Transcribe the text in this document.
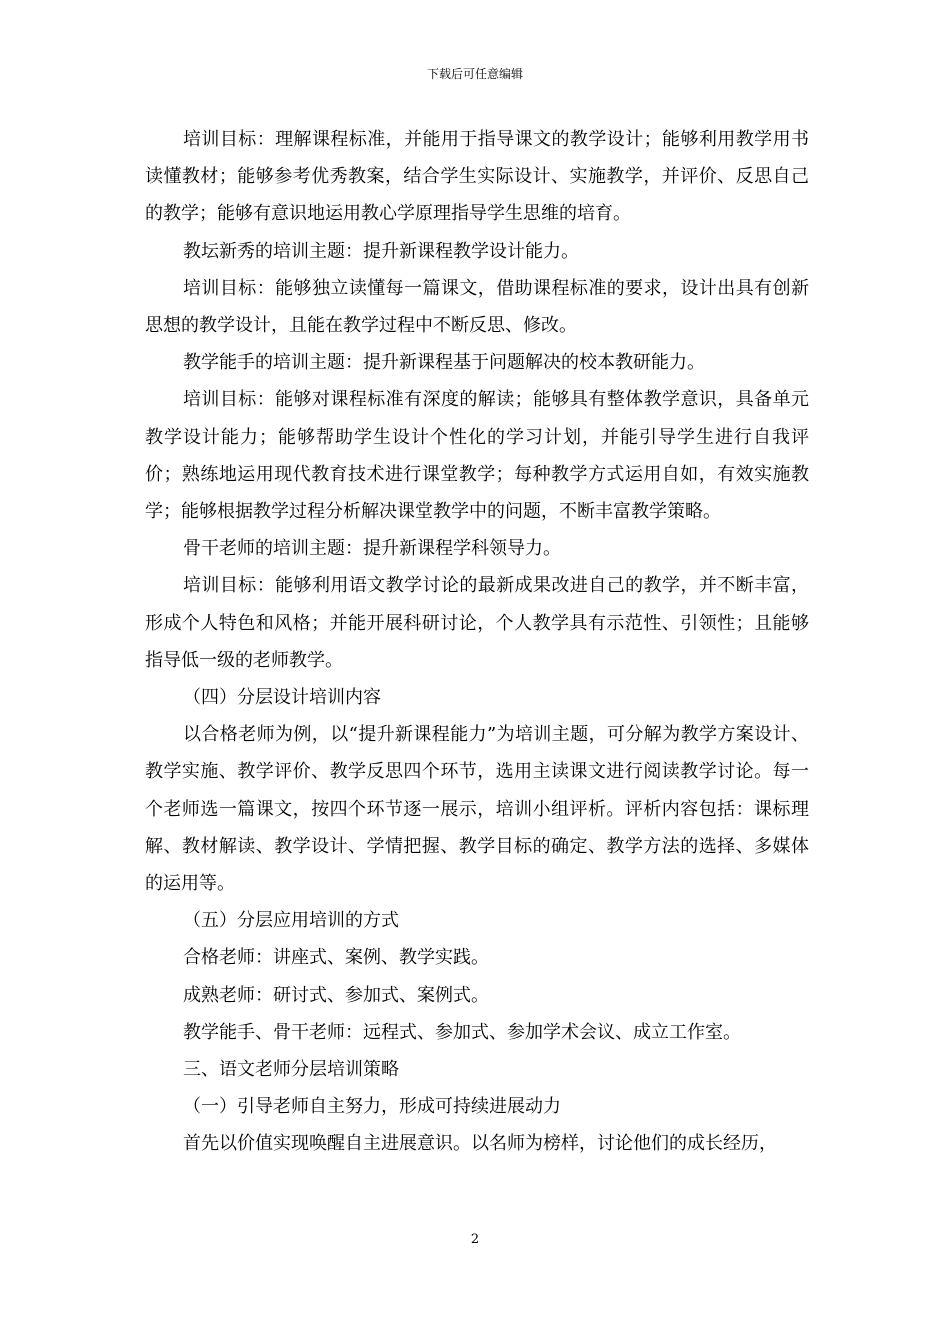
下载后可任意编辑

培训目标：理解课程标准，并能用于指导课文的教学设计；能够利用教学用书读懂教材；能够参考优秀教案，结合学生实际设计、实施教学，并评价、反思自己的教学；能够有意识地运用教心学原理指导学生思维的培育。

教坛新秀的培训主题：提升新课程教学设计能力。

培训目标：能够独立读懂每一篇课文，借助课程标准的要求，设计出具有创新思想的教学设计，且能在教学过程中不断反思、修改。

教学能手的培训主题：提升新课程基于问题解决的校本教研能力。

培训目标：能够对课程标准有深度的解读；能够具有整体教学意识，具备单元教学设计能力；能够帮助学生设计个性化的学习计划，并能引导学生进行自我评价；熟练地运用现代教育技术进行课堂教学；每种教学方式运用自如，有效实施教学；能够根据教学过程分析解决课堂教学中的问题，不断丰富教学策略。

骨干老师的培训主题：提升新课程学科领导力。

培训目标：能够利用语文教学讨论的最新成果改进自己的教学，并不断丰富，形成个人特色和风格；并能开展科研讨论，个人教学具有示范性、引领性；且能够指导低一级的老师教学。

（四）分层设计培训内容

以合格老师为例，以“提升新课程能力”为培训主题，可分解为教学方案设计、教学实施、教学评价、教学反思四个环节，选用主读课文进行阅读教学讨论。每一个老师选一篇课文，按四个环节逐一展示，培训小组评析。评析内容包括：课标理解、教材解读、教学设计、学情把握、教学目标的确定、教学方法的选择、多媒体的运用等。

（五）分层应用培训的方式

合格老师：讲座式、案例、教学实践。

成熟老师：研讨式、参加式、案例式。

教学能手、骨干老师：远程式、参加式、参加学术会议、成立工作室。

三、语文老师分层培训策略

（一）引导老师自主努力，形成可持续进展动力

首先以价值实现唤醒自主进展意识。以名师为榜样，讨论他们的成长经历，

2
